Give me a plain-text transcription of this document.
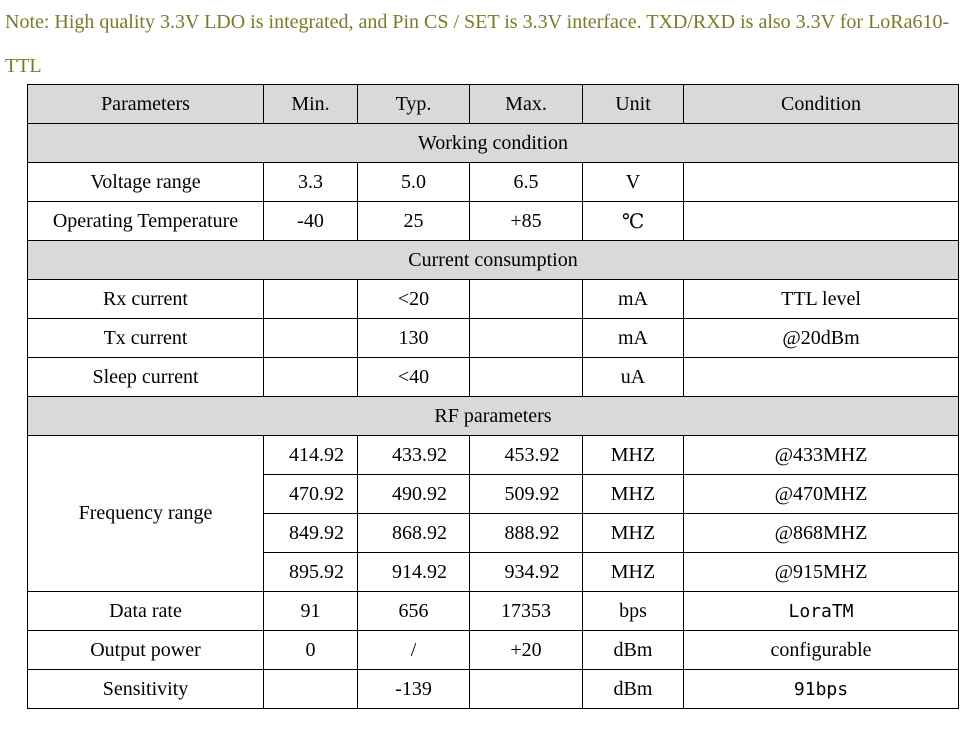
Note: High quality 3.3V LDO is integrated, and Pin CS / SET is 3.3V interface. TXD/RXD is also 3.3V for LoRa610-TTL

Parameters	Min.	Typ.	Max.	Unit	Condition
Working condition					
Voltage range	3.3	5.0	6.5	V	
Operating Temperature	-40	25	+85	℃	
Current consumption					
Rx current		<20		mA	TTL level
Tx current		130		mA	@20dBm
Sleep current		<40		uA	
RF parameters					
Frequency range	414.92	433.92	453.92	MHZ	@433MHZ
	470.92	490.92	509.92	MHZ	@470MHZ
	849.92	868.92	888.92	MHZ	@868MHZ
	895.92	914.92	934.92	MHZ	@915MHZ
Data rate	91	656	17353	bps	LoraTM
Output power	0	/	+20	dBm	configurable
Sensitivity		-139		dBm	91bps
